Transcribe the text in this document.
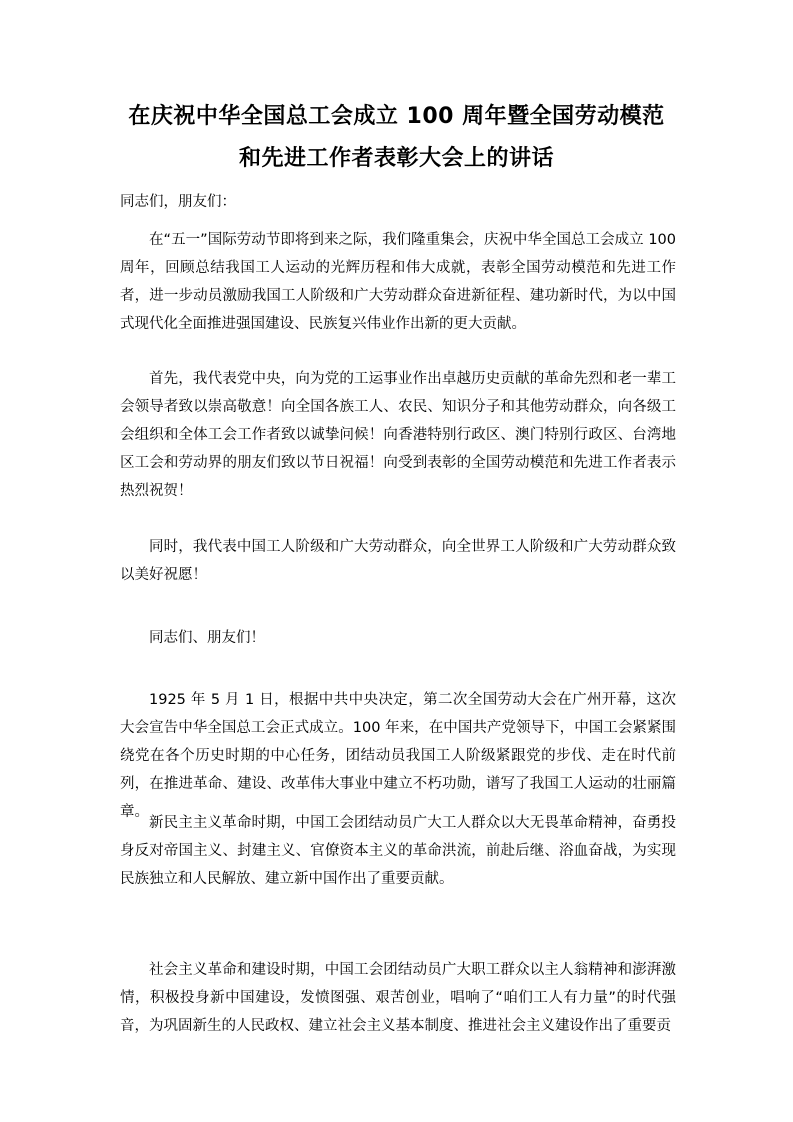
在庆祝中华全国总工会成立 100 周年暨全国劳动模范
和先进工作者表彰大会上的讲话

同志们，朋友们：

在“五一”国际劳动节即将到来之际，我们隆重集会，庆祝中华全国总工会成立 100 周年，回顾总结我国工人运动的光辉历程和伟大成就，表彰全国劳动模范和先进工作者，进一步动员激励我国工人阶级和广大劳动群众奋进新征程、建功新时代，为以中国式现代化全面推进强国建设、民族复兴伟业作出新的更大贡献。

首先，我代表党中央，向为党的工运事业作出卓越历史贡献的革命先烈和老一辈工会领导者致以崇高敬意！向全国各族工人、农民、知识分子和其他劳动群众，向各级工会组织和全体工会工作者致以诚挚问候！向香港特别行政区、澳门特别行政区、台湾地区工会和劳动界的朋友们致以节日祝福！向受到表彰的全国劳动模范和先进工作者表示热烈祝贺！

同时，我代表中国工人阶级和广大劳动群众，向全世界工人阶级和广大劳动群众致以美好祝愿！

同志们、朋友们！

1925 年 5 月 1 日，根据中共中央决定，第二次全国劳动大会在广州开幕，这次大会宣告中华全国总工会正式成立。100 年来，在中国共产党领导下，中国工会紧紧围绕党在各个历史时期的中心任务，团结动员我国工人阶级紧跟党的步伐、走在时代前列，在推进革命、建设、改革伟大事业中建立不朽功勋，谱写了我国工人运动的壮丽篇章。

新民主主义革命时期，中国工会团结动员广大工人群众以大无畏革命精神，奋勇投身反对帝国主义、封建主义、官僚资本主义的革命洪流，前赴后继、浴血奋战，为实现民族独立和人民解放、建立新中国作出了重要贡献。

社会主义革命和建设时期，中国工会团结动员广大职工群众以主人翁精神和澎湃激情，积极投身新中国建设，发愤图强、艰苦创业，唱响了“咱们工人有力量”的时代强音，为巩固新生的人民政权、建立社会主义基本制度、推进社会主义建设作出了重要贡
